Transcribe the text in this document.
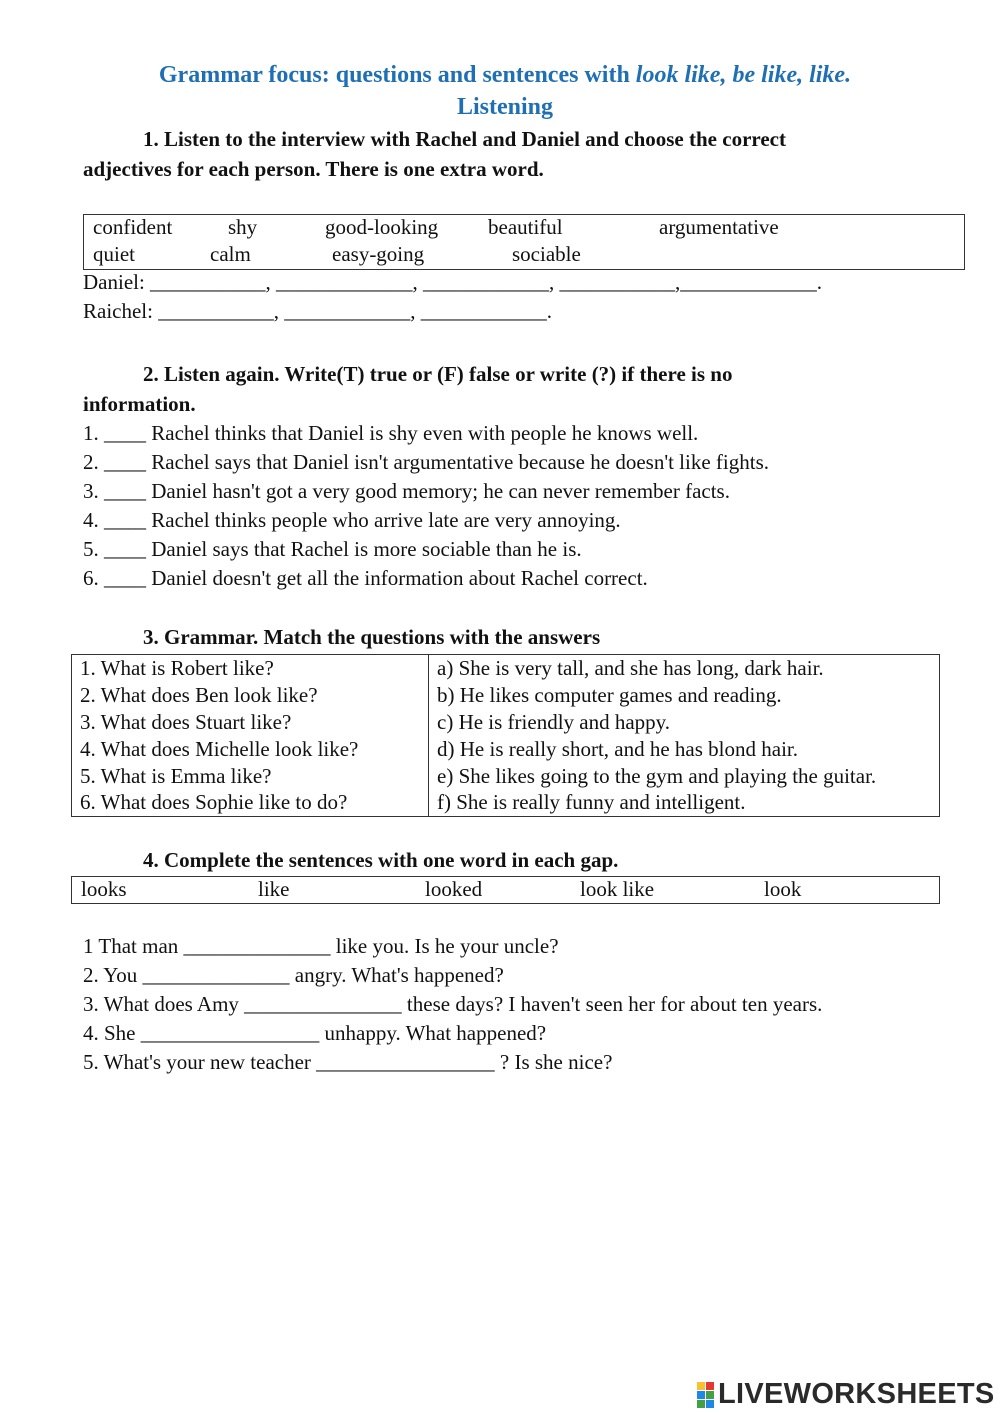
Grammar focus: questions and sentences with look like, be like, like.
Listening
1. Listen to the interview with Rachel and Daniel and choose the correct
adjectives for each person. There is one extra word.
confident	shy	good-looking beautiful	argumentative
quiet	calm	easy-going	sociable
Daniel: ___________, _____________, ____________, ___________,_____________.
Raichel: ___________, ____________, ____________.
2. Listen again. Write(T) true or (F) false or write (?) if there is no
information.
1. ____ Rachel thinks that Daniel is shy even with people he knows well.
2. ____ Rachel says that Daniel isn't argumentative because he doesn't like fights.
3. ____ Daniel hasn't got a very good memory; he can never remember facts.
4. ____ Rachel thinks people who arrive late are very annoying.
5. ____ Daniel says that Rachel is more sociable than he is.
6. ____ Daniel doesn't get all the information about Rachel correct.
3. Grammar. Match the questions with the answers
1. What is Robert like?	a) She is very tall, and she has long, dark hair.
2. What does Ben look like?	b) He likes computer games and reading.
3. What does Stuart like?	c) He is friendly and happy.
4. What does Michelle look like?	d) He is really short, and he has blond hair.
5. What is Emma like?	e) She likes going to the gym and playing the guitar.
6. What does Sophie like to do?	f) She is really funny and intelligent.
4. Complete the sentences with one word in each gap.
looks	like	looked	look like	look
1 That man ______________ like you. Is he your uncle?
2. You ______________ angry. What's happened?
3. What does Amy _______________ these days? I haven't seen her for about ten years.
4. She _________________ unhappy. What happened?
5. What's your new teacher _________________ ? Is she nice?
LIVEWORKSHEETS
